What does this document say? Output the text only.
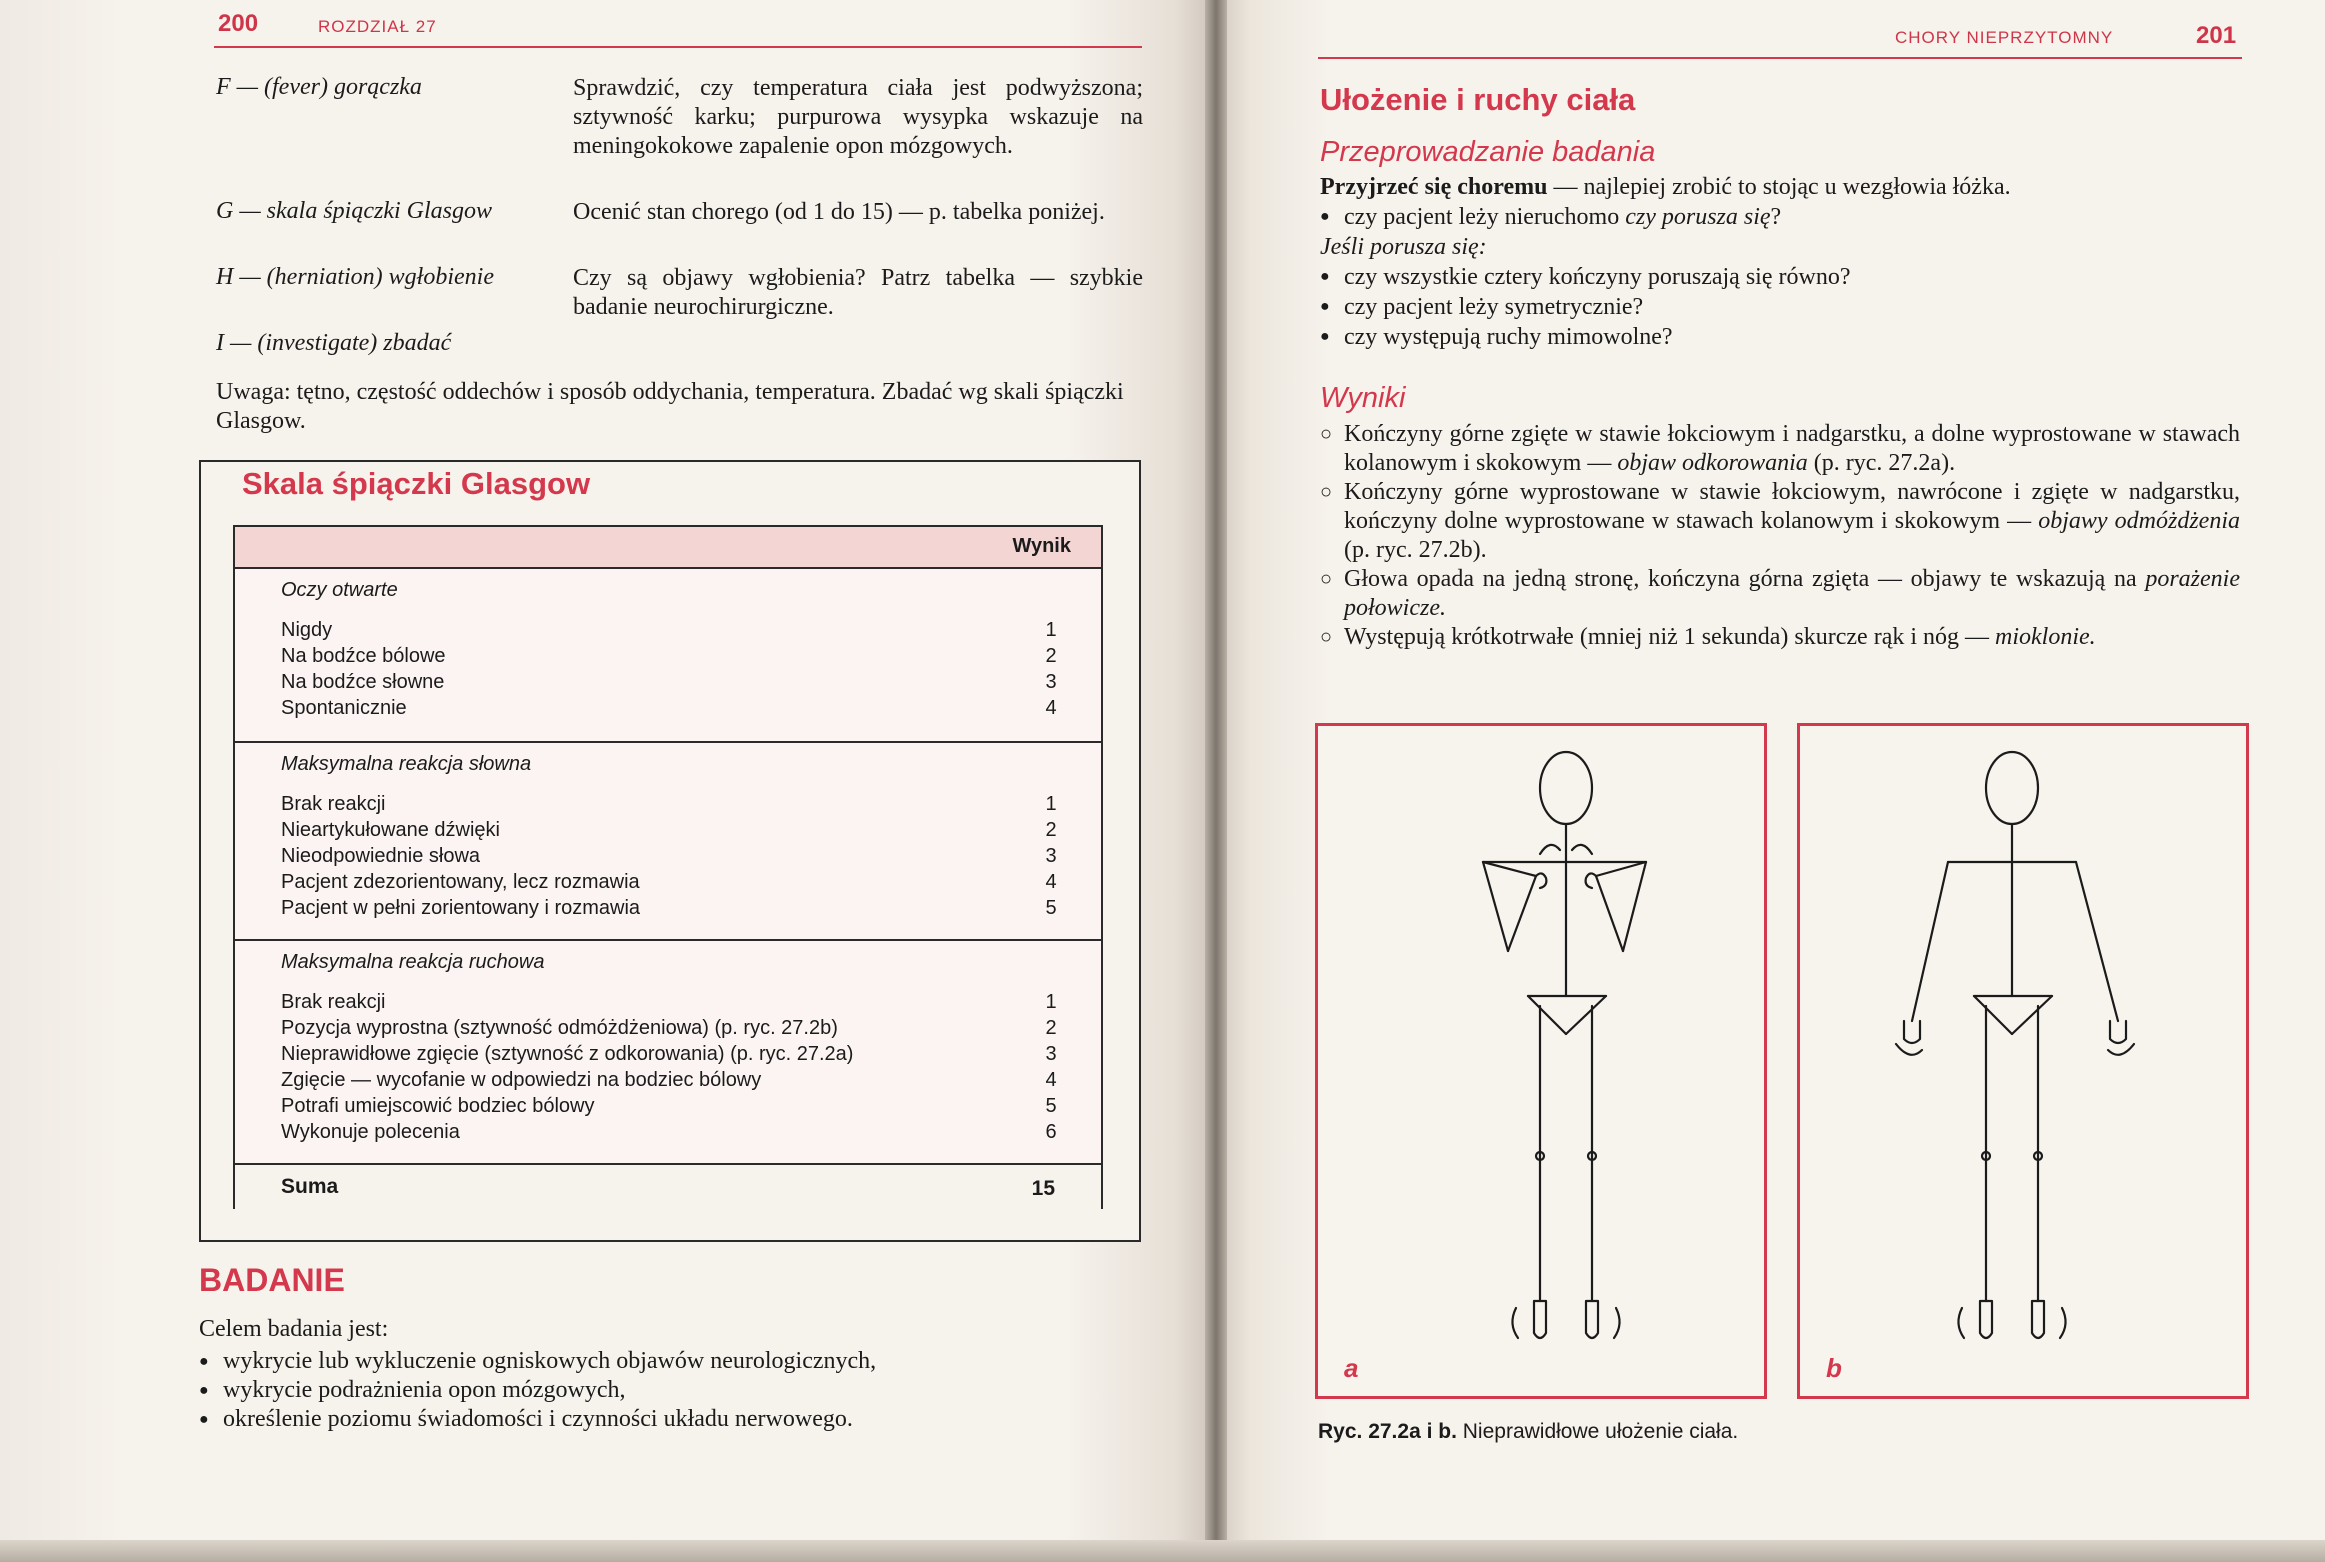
200	ROZDZIAŁ 27
F — (fever) gorączka	Sprawdzić, czy temperatura ciała jest podwyższona; sztywność karku; purpurowa wysypka wskazuje na meningokokowe zapalenie opon mózgowych.
G — skala śpiączki Glasgow	Ocenić stan chorego (od 1 do 15) — p. tabelka poniżej.
H — (herniation) wgłobienie	Czy są objawy wgłobienia? Patrz tabelka — szybkie badanie neurochirurgiczne.
I — (investigate) zbadać
Uwaga: tętno, częstość oddechów i sposób oddychania, temperatura. Zbadać wg skali śpiączki Glasgow.
Skala śpiączki Glasgow
Wynik
Oczy otwarte
Nigdy	1
Na bodźce bólowe	2
Na bodźce słowne	3
Spontanicznie	4
Maksymalna reakcja słowna
Brak reakcji	1
Nieartykułowane dźwięki	2
Nieodpowiednie słowa	3
Pacjent zdezorientowany, lecz rozmawia	4
Pacjent w pełni zorientowany i rozmawia	5
Maksymalna reakcja ruchowa
Brak reakcji	1
Pozycja wyprostna (sztywność odmóżdżeniowa) (p. ryc. 27.2b)	2
Nieprawidłowe zgięcie (sztywność z odkorowania) (p. ryc. 27.2a)	3
Zgięcie — wycofanie w odpowiedzi na bodziec bólowy	4
Potrafi umiejscowić bodziec bólowy	5
Wykonuje polecenia	6
Suma	15
BADANIE
Celem badania jest:
● wykrycie lub wykluczenie ogniskowych objawów neurologicznych,
● wykrycie podrażnienia opon mózgowych,
● określenie poziomu świadomości i czynności układu nerwowego.
CHORY NIEPRZYTOMNY	201
Ułożenie i ruchy ciała
Przeprowadzanie badania
Przyjrzeć się choremu — najlepiej zrobić to stojąc u wezgłowia łóżka.
● czy pacjent leży nieruchomo czy porusza się?
Jeśli porusza się:
● czy wszystkie cztery kończyny poruszają się równo?
● czy pacjent leży symetrycznie?
● czy występują ruchy mimowolne?
Wyniki
○ Kończyny górne zgięte w stawie łokciowym i nadgarstku, a dolne wyprostowane w stawach kolanowym i skokowym — objaw odkorowania (p. ryc. 27.2a).
○ Kończyny górne wyprostowane w stawie łokciowym, nawrócone i zgięte w nadgarstku, kończyny dolne wyprostowane w stawach kolanowym i skokowym — objawy odmóżdżenia (p. ryc. 27.2b).
○ Głowa opada na jedną stronę, kończyna górna zgięta — objawy te wskazują na porażenie połowicze.
○ Występują krótkotrwałe (mniej niż 1 sekunda) skurcze rąk i nóg — mioklonie.
a	b
Ryc. 27.2a i b. Nieprawidłowe ułożenie ciała.
